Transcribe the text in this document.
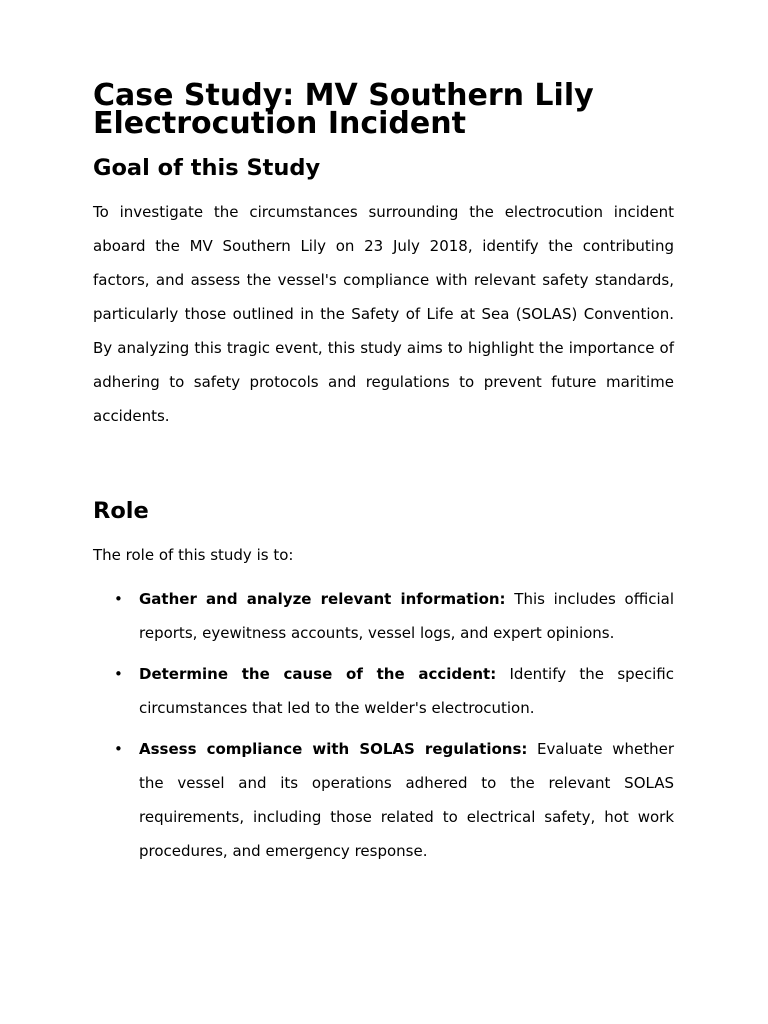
Case Study: MV Southern Lily Electrocution Incident
Goal of this Study

To investigate the circumstances surrounding the electrocution incident aboard the MV Southern Lily on 23 July 2018, identify the contributing factors, and assess the vessel's compliance with relevant safety standards, particularly those outlined in the Safety of Life at Sea (SOLAS) Convention. By analyzing this tragic event, this study aims to highlight the importance of adhering to safety protocols and regulations to prevent future maritime accidents.

Role

The role of this study is to:

• Gather and analyze relevant information: This includes official reports, eyewitness accounts, vessel logs, and expert opinions.

• Determine the cause of the accident: Identify the specific circumstances that led to the welder's electrocution.

• Assess compliance with SOLAS regulations: Evaluate whether the vessel and its operations adhered to the relevant SOLAS requirements, including those related to electrical safety, hot work procedures, and emergency response.
